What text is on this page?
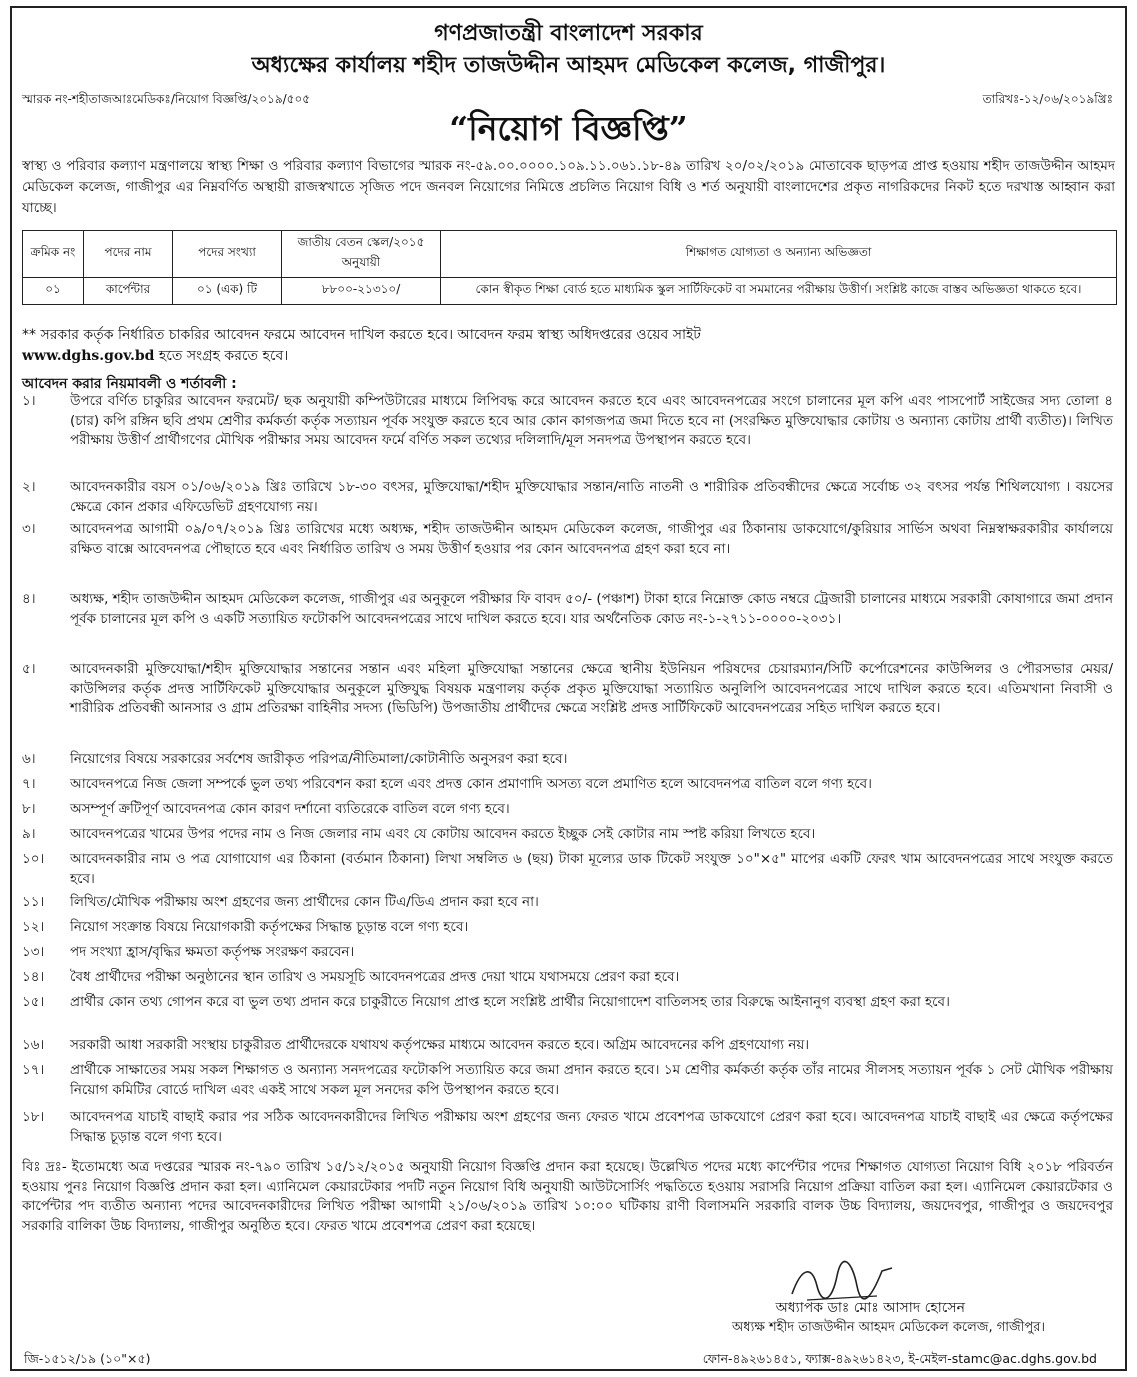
গণপ্রজাতন্ত্রী বাংলাদেশ সরকার
অধ্যক্ষের কার্যালয় শহীদ তাজউদ্দীন আহমদ মেডিকেল কলেজ, গাজীপুর।
স্মারক নং-শহীতাজআঃমেডিকঃ/নিয়োগ বিজ্ঞপ্তি/২০১৯/৫০৫	তারিখঃ-১২/০৬/২০১৯খ্রিঃ
“নিয়োগ বিজ্ঞপ্তি”
স্বাস্থ্য ও পরিবার কল্যাণ মন্ত্রণালয়ে স্বাস্থ্য শিক্ষা ও পরিবার কল্যাণ বিভাগের স্মারক নং-৫৯.০০.০০০০.১০৯.১১.০৬১.১৮-৪৯ তারিখ ২০/০২/২০১৯ মোতাবেক ছাড়পত্র প্রাপ্ত হওয়ায় শহীদ তাজউদ্দীন আহমদ মেডিকেল কলেজ, গাজীপুর এর নিম্নবর্ণিত অস্থায়ী রাজস্বখাতে সৃজিত পদে জনবল নিয়োগের নিমিত্তে প্রচলিত নিয়োগ বিধি ও শর্ত অনুযায়ী বাংলাদেশের প্রকৃত নাগরিকদের নিকট হতে দরখাস্ত আহ্বান করা যাচ্ছে।
ক্রমিক নং	পদের নাম	পদের সংখ্যা	জাতীয় বেতন স্কেল/২০১৫ অনুযায়ী	শিক্ষাগত যোগ্যতা ও অন্যান্য অভিজ্ঞতা
০১	কার্পেন্টার	০১ (এক) টি	৮৮০০-২১৩১০/	কোন স্বীকৃত শিক্ষা বোর্ড হতে মাধ্যমিক স্কুল সার্টিফিকেট বা সমমানের পরীক্ষায় উত্তীর্ণ। সংশ্লিষ্ট কাজে বাস্তব অভিজ্ঞতা থাকতে হবে।
** সরকার কর্তৃক নির্ধারিত চাকরির আবেদন ফরমে আবেদন দাখিল করতে হবে। আবেদন ফরম স্বাস্থ্য অধিদপ্তরের ওয়েব সাইট
www.dghs.gov.bd হতে সংগ্রহ করতে হবে।
আবেদন করার নিয়মাবলী ও শর্তাবলী :
১।	উপরে বর্ণিত চাকুরির আবেদন ফরমেট/ ছক অনুযায়ী কম্পিউটারের মাধ্যমে লিপিবদ্ধ করে আবেদন করতে হবে এবং আবেদনপত্রের সংগে চালানের মূল কপি এবং পাসপোর্ট সাইজের সদ্য তোলা ৪ (চার) কপি রঙ্গিন ছবি প্রথম শ্রেণীর কর্মকর্তা কর্তৃক সত্যায়ন পূর্বক সংযুক্ত করতে হবে আর কোন কাগজপত্র জমা দিতে হবে না (সংরক্ষিত মুক্তিযোদ্ধার কোটায় ও অন্যান্য কোটায় প্রার্থী ব্যতীত)। লিখিত পরীক্ষায় উত্তীর্ণ প্রার্থীগণের মৌখিক পরীক্ষার সময় আবেদন ফর্মে বর্ণিত সকল তথ্যের দলিলাদি/মূল সনদপত্র উপস্থাপন করতে হবে।
২।	আবেদনকারীর বয়স ০১/০৬/২০১৯ খ্রিঃ তারিখে ১৮-৩০ বৎসর, মুক্তিযোদ্ধা/শহীদ মুক্তিযোদ্ধার সন্তান/নাতি নাতনী ও শারীরিক প্রতিবন্ধীদের ক্ষেত্রে সর্বোচ্চ ৩২ বৎসর পর্যন্ত শিথিলযোগ্য । বয়সের ক্ষেত্রে কোন প্রকার এফিডেভিট গ্রহণযোগ্য নয়।
৩।	আবেদনপত্র আগামী ০৯/০৭/২০১৯ খ্রিঃ তারিখের মধ্যে অধ্যক্ষ, শহীদ তাজউদ্দীন আহমদ মেডিকেল কলেজ, গাজীপুর এর ঠিকানায় ডাকযোগে/কুরিয়ার সার্ভিস অথবা নিম্নস্বাক্ষরকারীর কার্যালয়ে রক্ষিত বাক্সে আবেদনপত্র পৌছাতে হবে এবং নির্ধারিত তারিখ ও সময় উত্তীর্ণ হওয়ার পর কোন আবেদনপত্র গ্রহণ করা হবে না।
৪।	অধ্যক্ষ, শহীদ তাজউদ্দীন আহমদ মেডিকেল কলেজ, গাজীপুর এর অনুকূলে পরীক্ষার ফি বাবদ ৫০/- (পঞ্চাশ) টাকা হারে নিম্নোক্ত কোড নম্বরে ট্রেজারী চালানের মাধ্যমে সরকারী কোষাগারে জমা প্রদান পূর্বক চালানের মূল কপি ও একটি সত্যায়িত ফটোকপি আবেদনপত্রের সাথে দাখিল করতে হবে। যার অর্থনৈতিক কোড নং-১-২৭১১-০০০০-২০৩১।
৫।	আবেদনকারী মুক্তিযোদ্ধা/শহীদ মুক্তিযোদ্ধার সন্তানের সন্তান এবং মহিলা মুক্তিযোদ্ধা সন্তানের ক্ষেত্রে স্থানীয় ইউনিয়ন পরিষদের চেয়ারম্যান/সিটি কর্পোরেশনের কাউন্সিলর ও পৌরসভার মেয়র/ কাউন্সিলর কর্তৃক প্রদত্ত সার্টিফিকেট মুক্তিযোদ্ধার অনুকূলে মুক্তিযুদ্ধ বিষয়ক মন্ত্রণালয় কর্তৃক প্রকৃত মুক্তিযোদ্ধা সত্যায়িত অনুলিপি আবেদনপত্রের সাথে দাখিল করতে হবে। এতিমখানা নিবাসী ও শারীরিক প্রতিবন্ধী আনসার ও গ্রাম প্রতিরক্ষা বাহিনীর সদস্য (ভিডিপি) উপজাতীয় প্রার্থীদের ক্ষেত্রে সংশ্লিষ্ট প্রদত্ত সার্টিফিকেট আবেদনপত্রের সহিত দাখিল করতে হবে।
৬।	নিয়োগের বিষয়ে সরকারের সর্বশেষ জারীকৃত পরিপত্র/নীতিমালা/কোটানীতি অনুসরণ করা হবে।
৭।	আবেদনপত্রে নিজ জেলা সম্পর্কে ভুল তথ্য পরিবেশন করা হলে এবং প্রদত্ত কোন প্রমাণাদি অসত্য বলে প্রমাণিত হলে আবেদনপত্র বাতিল বলে গণ্য হবে।
৮।	অসম্পূর্ণ ক্রটিপূর্ণ আবেদনপত্র কোন কারণ দর্শানো ব্যতিরেকে বাতিল বলে গণ্য হবে।
৯।	আবেদনপত্রের খামের উপর পদের নাম ও নিজ জেলার নাম এবং যে কোটায় আবেদন করতে ইচ্ছুক সেই কোটার নাম স্পষ্ট করিয়া লিখতে হবে।
১০।	আবেদনকারীর নাম ও পত্র যোগাযোগ এর ঠিকানা (বর্তমান ঠিকানা) লিখা সম্বলিত ৬ (ছয়) টাকা মূল্যের ডাক টিকেট সংযুক্ত ১০"×৫" মাপের একটি ফেরৎ খাম আবেদনপত্রের সাথে সংযুক্ত করতে হবে।
১১।	লিখিত/মৌখিক পরীক্ষায় অংশ গ্রহণের জন্য প্রার্থীদের কোন টিএ/ডিএ প্রদান করা হবে না।
১২।	নিয়োগ সংক্রান্ত বিষয়ে নিয়োগকারী কর্তৃপক্ষের সিদ্ধান্ত চূড়ান্ত বলে গণ্য হবে।
১৩।	পদ সংখ্যা হ্রাস/বৃদ্ধির ক্ষমতা কর্তৃপক্ষ সংরক্ষণ করবেন।
১৪।	বৈধ প্রার্থীদের পরীক্ষা অনুষ্ঠানের স্থান তারিখ ও সময়সূচি আবেদনপত্রের প্রদত্ত দেয়া খামে যথাসময়ে প্রেরণ করা হবে।
১৫।	প্রার্থীর কোন তথ্য গোপন করে বা ভুল তথ্য প্রদান করে চাকুরীতে নিয়োগ প্রাপ্ত হলে সংশ্লিষ্ট প্রার্থীর নিয়োগাদেশ বাতিলসহ তার বিরুদ্ধে আইনানুগ ব্যবস্থা গ্রহণ করা হবে।
১৬।	সরকারী আধা সরকারী সংস্থায় চাকুরীরত প্রার্থীদেরকে যথাযথ কর্তৃপক্ষের মাধ্যমে আবেদন করতে হবে। অগ্রিম আবেদনের কপি গ্রহণযোগ্য নয়।
১৭।	প্রার্থীকে সাক্ষাতের সময় সকল শিক্ষাগত ও অন্যান্য সনদপত্রের ফটোকপি সত্যায়িত করে জমা প্রদান করতে হবে। ১ম শ্রেণীর কর্মকর্তা কর্তৃক তাঁর নামের সীলসহ সত্যায়ন পূর্বক ১ সেট মৌখিক পরীক্ষায় নিয়োগ কমিটির বোর্ডে দাখিল এবং একই সাথে সকল মূল সনদের কপি উপস্থাপন করতে হবে।
১৮।	আবেদনপত্র যাচাই বাছাই করার পর সঠিক আবেদনকারীদের লিখিত পরীক্ষায় অংশ গ্রহণের জন্য ফেরত খামে প্রবেশপত্র ডাকযোগে প্রেরণ করা হবে। আবেদনপত্র যাচাই বাছাই এর ক্ষেত্রে কর্তৃপক্ষের সিদ্ধান্ত চূড়ান্ত বলে গণ্য হবে।
বিঃ দ্রঃ- ইতোমধ্যে অত্র দপ্তরের স্মারক নং-৭৯০ তারিখ ১৫/১২/২০১৫ অনুযায়ী নিয়োগ বিজ্ঞপ্তি প্রদান করা হয়েছে। উল্লেখিত পদের মধ্যে কার্পেন্টার পদের শিক্ষাগত যোগ্যতা নিয়োগ বিধি ২০১৮ পরিবর্তন হওয়ায় পুনঃ নিয়োগ বিজ্ঞপ্তি প্রদান করা হল। এ্যানিমেল কেয়ারটেকার পদটি নতুন নিয়োগ বিধি অনুযায়ী আউটসোর্সিং পদ্ধতিতে হওয়ায় সরাসরি নিয়োগ প্রক্রিয়া বাতিল করা হল। এ্যানিমেল কেয়ারটেকার ও কার্পেন্টার পদ ব্যতীত অন্যান্য পদের আবেদনকারীদের লিখিত পরীক্ষা আগামী ২১/০৬/২০১৯ তারিখ ১০:০০ ঘটিকায় রাণী বিলাসমনি সরকারি বালক উচ্চ বিদ্যালয়, জয়দেবপুর, গাজীপুর ও জয়দেবপুর সরকারি বালিকা উচ্চ বিদ্যালয়, গাজীপুর অনুষ্ঠিত হবে। ফেরত খামে প্রবেশপত্র প্রেরণ করা হয়েছে।
অধ্যাপক ডাঃ মোঃ আসাদ হোসেন
অধ্যক্ষ শহীদ তাজউদ্দীন আহমদ মেডিকেল কলেজ, গাজীপুর।
জি-১৫১২/১৯ (১০"×৫)	ফোন-৪৯২৬১৪৫১, ফ্যাক্স-৪৯২৬১৪২৩, ই-মেইল-stamc@ac.dghs.gov.bd
